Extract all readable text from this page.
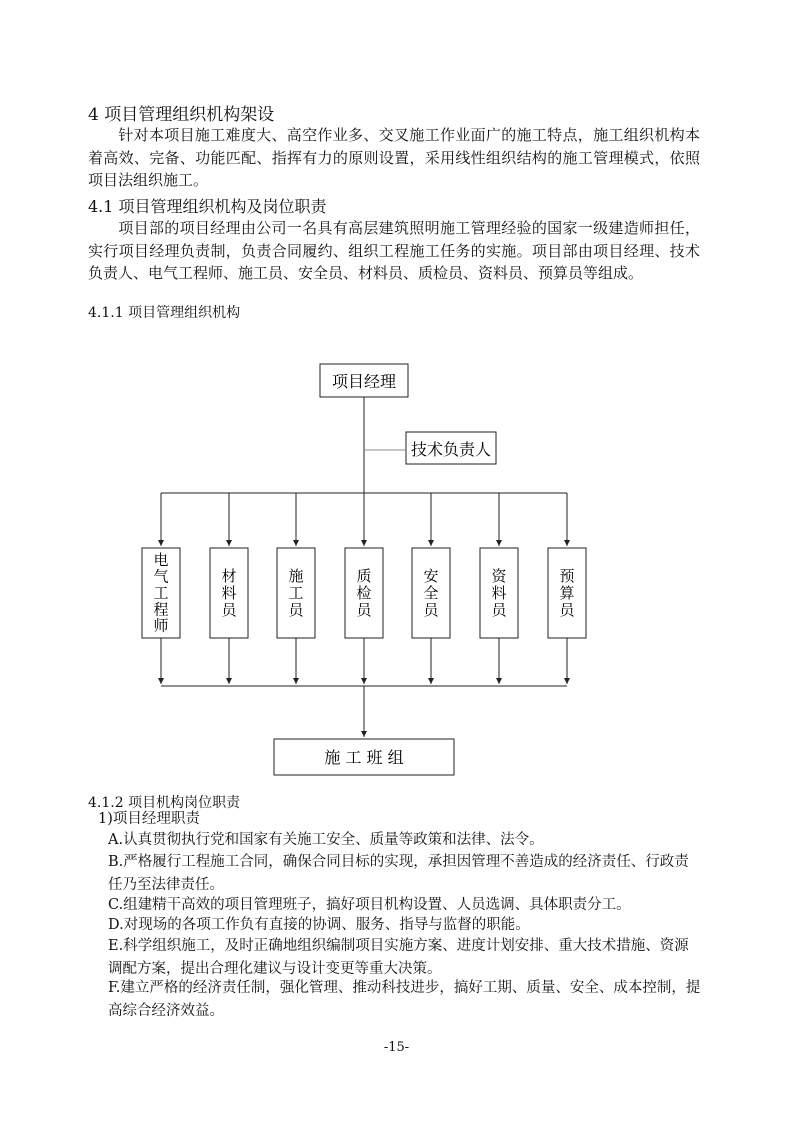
4 项目管理组织机构架设
针对本项目施工难度大、高空作业多、交叉施工作业面广的施工特点，施工组织机构本着高效、完备、功能匹配、指挥有力的原则设置，采用线性组织结构的施工管理模式，依照项目法组织施工。
4.1 项目管理组织机构及岗位职责
项目部的项目经理由公司一名具有高层建筑照明施工管理经验的国家一级建造师担任，实行项目经理负责制，负责合同履约、组织工程施工任务的实施。项目部由项目经理、技术负责人、电气工程师、施工员、安全员、材料员、质检员、资料员、预算员等组成。
4.1.1 项目管理组织机构
电气工程师
材料员
施工员
质检员
安全员
资料员
预算员
项目经理
技术负责人
施 工 班 组
4.1.2 项目机构岗位职责
1)项目经理职责
A.认真贯彻执行党和国家有关施工安全、质量等政策和法律、法令。
B.严格履行工程施工合同，确保合同目标的实现，承担因管理不善造成的经济责任、行政责任乃至法律责任。
C.组建精干高效的项目管理班子，搞好项目机构设置、人员选调、具体职责分工。
D.对现场的各项工作负有直接的协调、服务、指导与监督的职能。
E.科学组织施工，及时正确地组织编制项目实施方案、进度计划安排、重大技术措施、资源调配方案，提出合理化建议与设计变更等重大决策。
F.建立严格的经济责任制，强化管理、推动科技进步，搞好工期、质量、安全、成本控制，提高综合经济效益。
-15-
